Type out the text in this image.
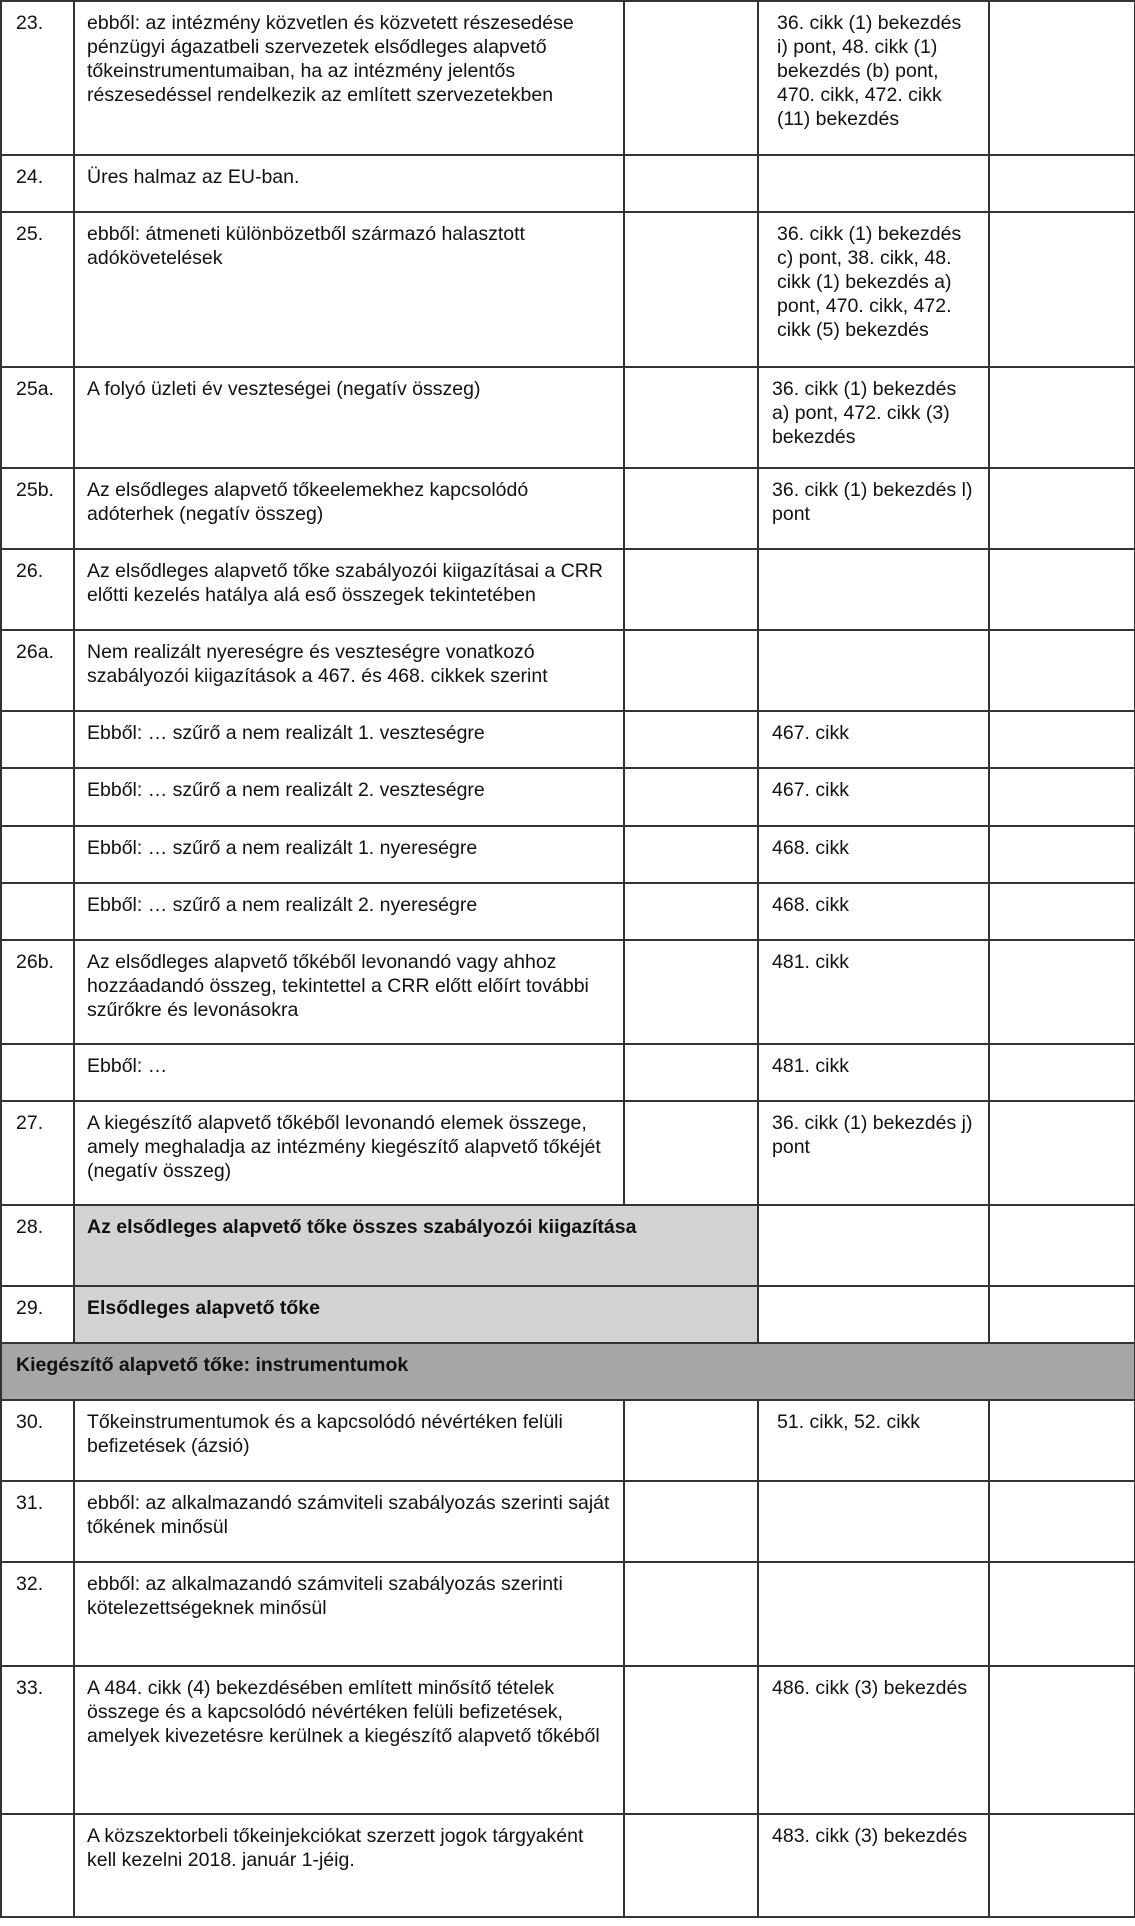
23.	ebből: az intézmény közvetlen és közvetett részesedése pénzügyi ágazatbeli szervezetek elsődleges alapvető tőkeinstrumentumaiban, ha az intézmény jelentős részesedéssel rendelkezik az említett szervezetekben		36. cikk (1) bekezdés i) pont, 48. cikk (1) bekezdés (b) pont, 470. cikk, 472. cikk (11) bekezdés	
24.	Üres halmaz az EU-ban.			
25.	ebből: átmeneti különbözetből származó halasztott adókövetelések		36. cikk (1) bekezdés c) pont, 38. cikk, 48. cikk (1) bekezdés a) pont, 470. cikk, 472. cikk (5) bekezdés	
25a.	A folyó üzleti év veszteségei (negatív összeg)		36. cikk (1) bekezdés a) pont, 472. cikk (3) bekezdés	
25b.	Az elsődleges alapvető tőkeelemekhez kapcsolódó adóterhek (negatív összeg)		36. cikk (1) bekezdés l) pont	
26.	Az elsődleges alapvető tőke szabályozói kiigazításai a CRR előtti kezelés hatálya alá eső összegek tekintetében			
26a.	Nem realizált nyereségre és veszteségre vonatkozó szabályozói kiigazítások a 467. és 468. cikkek szerint			
	Ebből: … szűrő a nem realizált 1. veszteségre		467. cikk	
	Ebből: … szűrő a nem realizált 2. veszteségre		467. cikk	
	Ebből: … szűrő a nem realizált 1. nyereségre		468. cikk	
	Ebből: … szűrő a nem realizált 2. nyereségre		468. cikk	
26b.	Az elsődleges alapvető tőkéből levonandó vagy ahhoz hozzáadandó összeg, tekintettel a CRR előtt előírt további szűrőkre és levonásokra		481. cikk	
	Ebből: …		481. cikk	
27.	A kiegészítő alapvető tőkéből levonandó elemek összege, amely meghaladja az intézmény kiegészítő alapvető tőkéjét (negatív összeg)		36. cikk (1) bekezdés j) pont	
28.	Az elsődleges alapvető tőke összes szabályozói kiigazítása			
29.	Elsődleges alapvető tőke			
Kiegészítő alapvető tőke: instrumentumok				
30.	Tőkeinstrumentumok és a kapcsolódó névértéken felüli befizetések (ázsió)		51. cikk, 52. cikk	
31.	ebből: az alkalmazandó számviteli szabályozás szerinti saját tőkének minősül			
32.	ebből: az alkalmazandó számviteli szabályozás szerinti kötelezettségeknek minősül			
33.	A 484. cikk (4) bekezdésében említett minősítő tételek összege és a kapcsolódó névértéken felüli befizetések, amelyek kivezetésre kerülnek a kiegészítő alapvető tőkéből		486. cikk (3) bekezdés	
	A közszektorbeli tőkeinjekciókat szerzett jogok tárgyaként kell kezelni 2018. január 1-jéig.		483. cikk (3) bekezdés	
